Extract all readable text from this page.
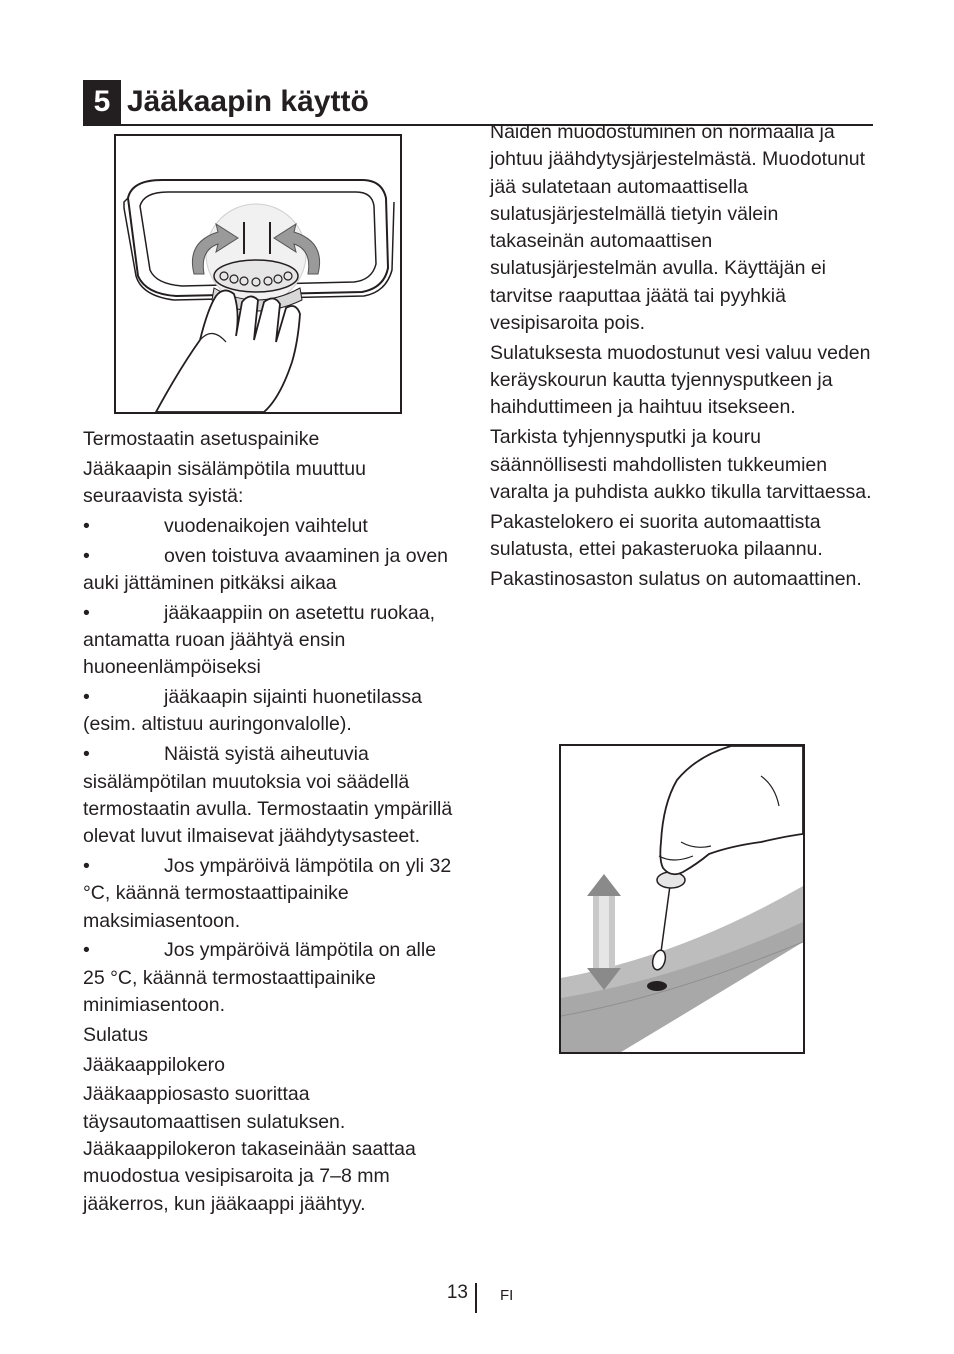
5 Jääkaapin käyttö

Termostaatin asetuspainike

Jääkaapin sisälämpötila muuttuu seuraavista syistä:

•	vuodenaikojen vaihtelut

•	oven toistuva avaaminen ja oven auki jättäminen pitkäksi aikaa

•	jääkaappiin on asetettu ruokaa, antamatta ruoan jäähtyä ensin huoneenlämpöiseksi

•	jääkaapin sijainti huonetilassa (esim. altistuu auringonvalolle).

•	Näistä syistä aiheutuvia sisälämpötilan muutoksia voi säädellä termostaatin avulla. Termostaatin ympärillä olevat luvut ilmaisevat jäähdytysasteet.

•	Jos ympäröivä lämpötila on yli 32 °C, käännä termostaattipainike maksimiasentoon.

•	Jos ympäröivä lämpötila on alle 25 °C, käännä termostaattipainike minimiasentoon.

Sulatus

Jääkaappilokero

Jääkaappiosasto suorittaa täysautomaattisen sulatuksen. Jääkaappilokeron takaseinään saattaa muodostua vesipisaroita ja 7–8 mm jääkerros, kun jääkaappi jäähtyy.

Näiden muodostuminen on normaalia ja johtuu jäähdytysjärjestelmästä. Muodotunut jää sulatetaan automaattisella sulatusjärjestelmällä tietyin välein takaseinän automaattisen sulatusjärjestelmän avulla. Käyttäjän ei tarvitse raaputtaa jäätä tai pyyhkiä vesipisaroita pois.

Sulatuksesta muodostunut vesi valuu veden keräyskourun kautta tyjennysputkeen ja haihduttimeen ja haihtuu itsekseen.

Tarkista tyhjennysputki ja kouru säännöllisesti mahdollisten tukkeumien varalta ja puhdista aukko tikulla tarvittaessa.

Pakastelokero ei suorita automaattista sulatusta, ettei pakasteruoka pilaannu.

Pakastinosaston sulatus on automaattinen.

13 FI
